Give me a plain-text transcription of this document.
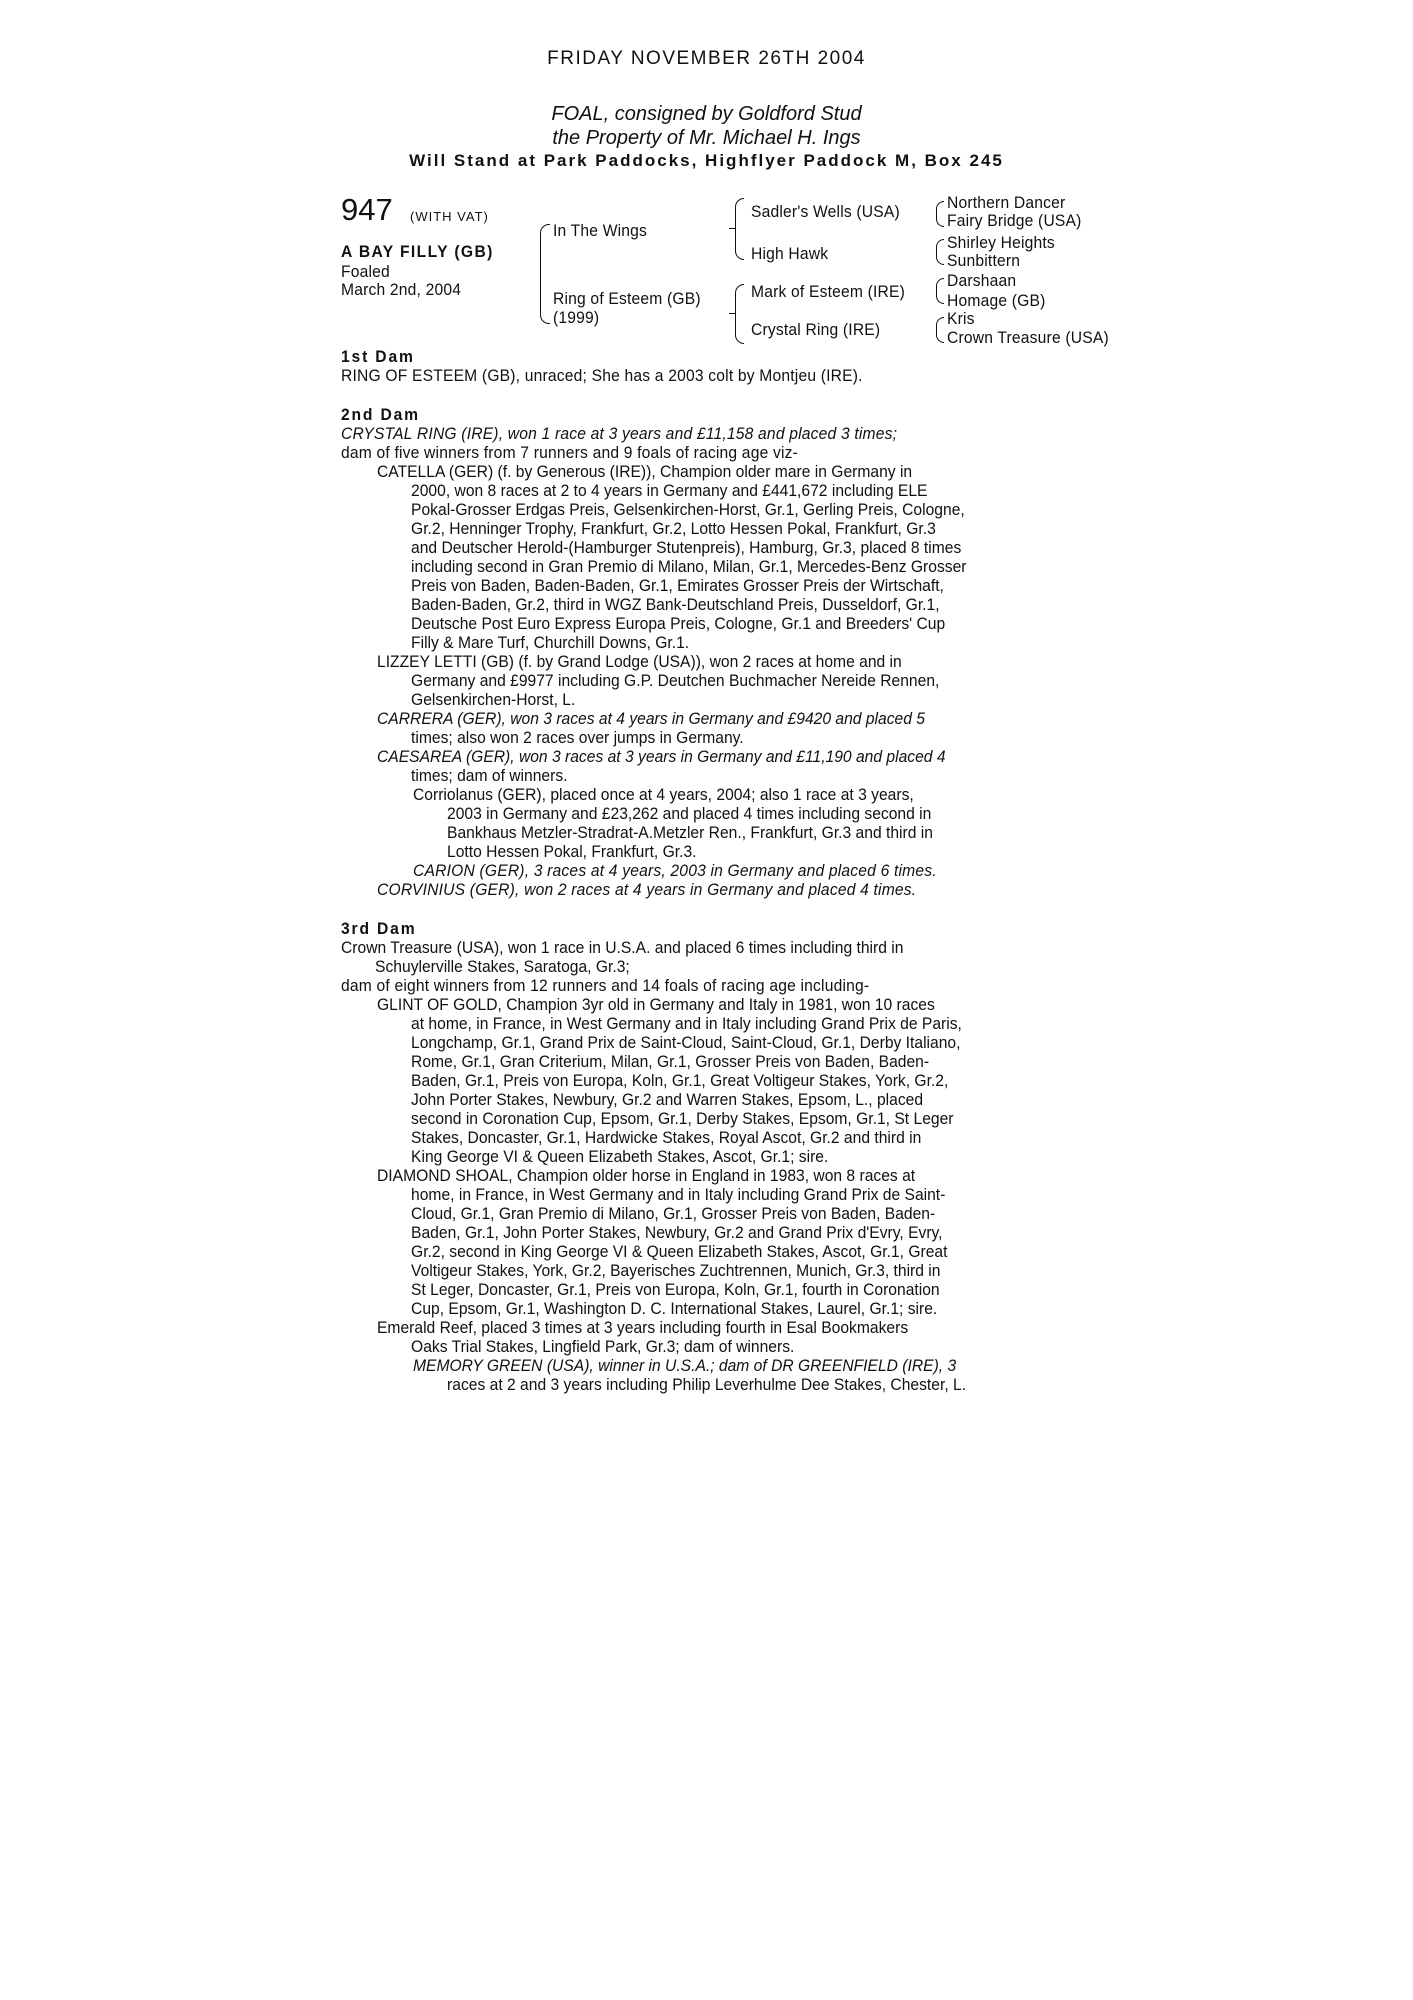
FRIDAY NOVEMBER 26TH 2004
FOAL, consigned by Goldford Stud
the Property of Mr. Michael H. Ings
Will Stand at Park Paddocks, Highflyer Paddock M, Box 245
947 (WITH VAT)
A BAY FILLY (GB)
Foaled
March 2nd, 2004
In The Wings
Ring of Esteem (GB)
(1999)
Sadler's Wells (USA)
High Hawk
Mark of Esteem (IRE)
Crystal Ring (IRE)
Northern Dancer
Fairy Bridge (USA)
Shirley Heights
Sunbittern
Darshaan
Homage (GB)
Kris
Crown Treasure (USA)
1st Dam
RING OF ESTEEM (GB), unraced; She has a 2003 colt by Montjeu (IRE).
2nd Dam
CRYSTAL RING (IRE), won 1 race at 3 years and £11,158 and placed 3 times;
dam of five winners from 7 runners and 9 foals of racing age viz-
CATELLA (GER) (f. by Generous (IRE)), Champion older mare in Germany in
2000, won 8 races at 2 to 4 years in Germany and £441,672 including ELE
Pokal-Grosser Erdgas Preis, Gelsenkirchen-Horst, Gr.1, Gerling Preis, Cologne,
Gr.2, Henninger Trophy, Frankfurt, Gr.2, Lotto Hessen Pokal, Frankfurt, Gr.3
and Deutscher Herold-(Hamburger Stutenpreis), Hamburg, Gr.3, placed 8 times
including second in Gran Premio di Milano, Milan, Gr.1, Mercedes-Benz Grosser
Preis von Baden, Baden-Baden, Gr.1, Emirates Grosser Preis der Wirtschaft,
Baden-Baden, Gr.2, third in WGZ Bank-Deutschland Preis, Dusseldorf, Gr.1,
Deutsche Post Euro Express Europa Preis, Cologne, Gr.1 and Breeders' Cup
Filly & Mare Turf, Churchill Downs, Gr.1.
LIZZEY LETTI (GB) (f. by Grand Lodge (USA)), won 2 races at home and in
Germany and £9977 including G.P. Deutchen Buchmacher Nereide Rennen,
Gelsenkirchen-Horst, L.
CARRERA (GER), won 3 races at 4 years in Germany and £9420 and placed 5
times; also won 2 races over jumps in Germany.
CAESAREA (GER), won 3 races at 3 years in Germany and £11,190 and placed 4
times; dam of winners.
Corriolanus (GER), placed once at 4 years, 2004; also 1 race at 3 years,
2003 in Germany and £23,262 and placed 4 times including second in
Bankhaus Metzler-Stradrat-A.Metzler Ren., Frankfurt, Gr.3 and third in
Lotto Hessen Pokal, Frankfurt, Gr.3.
CARION (GER), 3 races at 4 years, 2003 in Germany and placed 6 times.
CORVINIUS (GER), won 2 races at 4 years in Germany and placed 4 times.
3rd Dam
Crown Treasure (USA), won 1 race in U.S.A. and placed 6 times including third in
Schuylerville Stakes, Saratoga, Gr.3;
dam of eight winners from 12 runners and 14 foals of racing age including-
GLINT OF GOLD, Champion 3yr old in Germany and Italy in 1981, won 10 races
at home, in France, in West Germany and in Italy including Grand Prix de Paris,
Longchamp, Gr.1, Grand Prix de Saint-Cloud, Saint-Cloud, Gr.1, Derby Italiano,
Rome, Gr.1, Gran Criterium, Milan, Gr.1, Grosser Preis von Baden, Baden-
Baden, Gr.1, Preis von Europa, Koln, Gr.1, Great Voltigeur Stakes, York, Gr.2,
John Porter Stakes, Newbury, Gr.2 and Warren Stakes, Epsom, L., placed
second in Coronation Cup, Epsom, Gr.1, Derby Stakes, Epsom, Gr.1, St Leger
Stakes, Doncaster, Gr.1, Hardwicke Stakes, Royal Ascot, Gr.2 and third in
King George VI & Queen Elizabeth Stakes, Ascot, Gr.1; sire.
DIAMOND SHOAL, Champion older horse in England in 1983, won 8 races at
home, in France, in West Germany and in Italy including Grand Prix de Saint-
Cloud, Gr.1, Gran Premio di Milano, Gr.1, Grosser Preis von Baden, Baden-
Baden, Gr.1, John Porter Stakes, Newbury, Gr.2 and Grand Prix d'Evry, Evry,
Gr.2, second in King George VI & Queen Elizabeth Stakes, Ascot, Gr.1, Great
Voltigeur Stakes, York, Gr.2, Bayerisches Zuchtrennen, Munich, Gr.3, third in
St Leger, Doncaster, Gr.1, Preis von Europa, Koln, Gr.1, fourth in Coronation
Cup, Epsom, Gr.1, Washington D. C. International Stakes, Laurel, Gr.1; sire.
Emerald Reef, placed 3 times at 3 years including fourth in Esal Bookmakers
Oaks Trial Stakes, Lingfield Park, Gr.3; dam of winners.
MEMORY GREEN (USA), winner in U.S.A.; dam of DR GREENFIELD (IRE), 3
races at 2 and 3 years including Philip Leverhulme Dee Stakes, Chester, L.
